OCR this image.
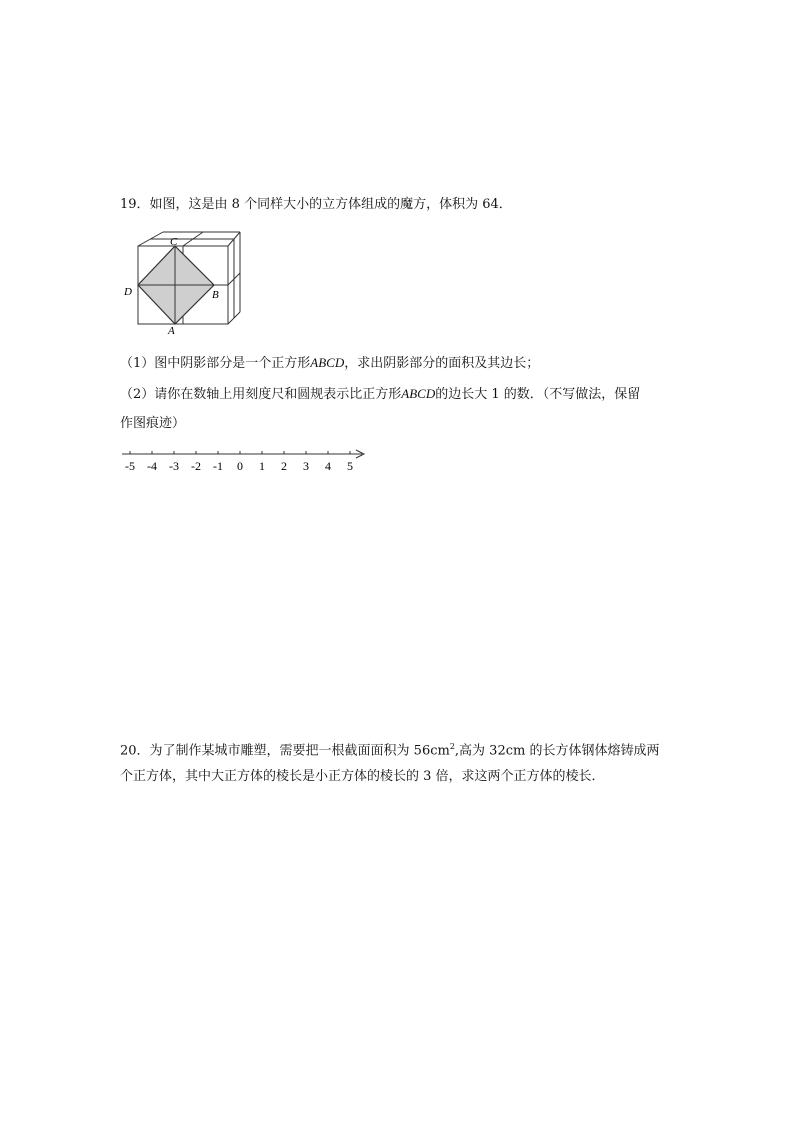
19．如图，这是由 8 个同样大小的立方体组成的魔方，体积为 64．
C
D	B
A
（1）图中阴影部分是一个正方形ABCD，求出阴影部分的面积及其边长；
（2）请你在数轴上用刻度尺和圆规表示比正方形ABCD的边长大 1 的数．（不写做法，保留
作图痕迹）
-5 -4 -3 -2 -1 0 1 2 3 4 5
20．为了制作某城市雕塑，需要把一根截面面积为 $56cm^2$,高为 32cm 的长方体钢体熔铸成两
个正方体，其中大正方体的棱长是小正方体的棱长的 3 倍，求这两个正方体的棱长．
